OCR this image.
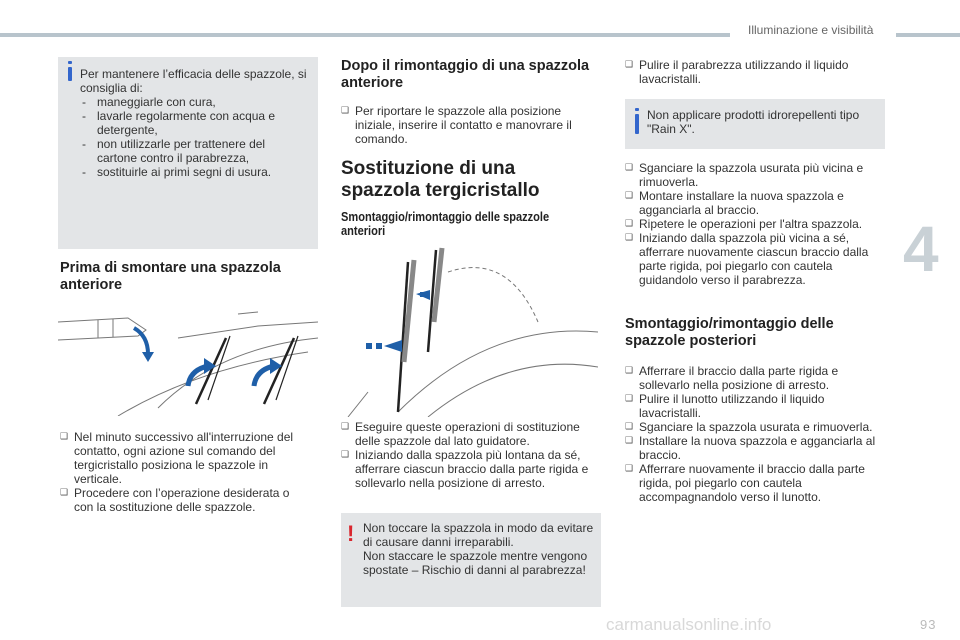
Illuminazione e visibilità
4
93
carmanualsonline.info
Per mantenere l’efficacia delle spazzole, si consiglia di:
- maneggiarle con cura,
- lavarle regolarmente con acqua e detergente,
- non utilizzarle per trattenere del cartone contro il parabrezza,
- sostituirle ai primi segni di usura.
Prima di smontare una spazzola anteriore
❑ Nel minuto successivo all'interruzione del contatto, ogni azione sul comando del tergicristallo posiziona le spazzole in verticale.
❑ Procedere con l’operazione desiderata o con la sostituzione delle spazzole.
Dopo il rimontaggio di una spazzola anteriore
❑ Per riportare le spazzole alla posizione iniziale, inserire il contatto e manovrare il comando.
Sostituzione di una spazzola tergicristallo
Smontaggio/rimontaggio delle spazzole anteriori
❑ Eseguire queste operazioni di sostituzione delle spazzole dal lato guidatore.
❑ Iniziando dalla spazzola più lontana da sé, afferrare ciascun braccio dalla parte rigida e sollevarlo nella posizione di arresto.
! Non toccare la spazzola in modo da evitare di causare danni irreparabili.
Non staccare le spazzole mentre vengono spostate – Rischio di danni al parabrezza!
❑ Pulire il parabrezza utilizzando il liquido lavacristalli.
Non applicare prodotti idrorepellenti tipo "Rain X".
❑ Sganciare la spazzola usurata più vicina e rimuoverla.
❑ Montare installare la nuova spazzola e agganciarla al braccio.
❑ Ripetere le operazioni per l'altra spazzola.
❑ Iniziando dalla spazzola più vicina a sé, afferrare nuovamente ciascun braccio dalla parte rigida, poi piegarlo con cautela guidandolo verso il parabrezza.
Smontaggio/rimontaggio delle spazzole posteriori
❑ Afferrare il braccio dalla parte rigida e sollevarlo nella posizione di arresto.
❑ Pulire il lunotto utilizzando il liquido lavacristalli.
❑ Sganciare la spazzola usurata e rimuoverla.
❑ Installare la nuova spazzola e agganciarla al braccio.
❑ Afferrare nuovamente il braccio dalla parte rigida, poi piegarlo con cautela accompagnandolo verso il lunotto.
